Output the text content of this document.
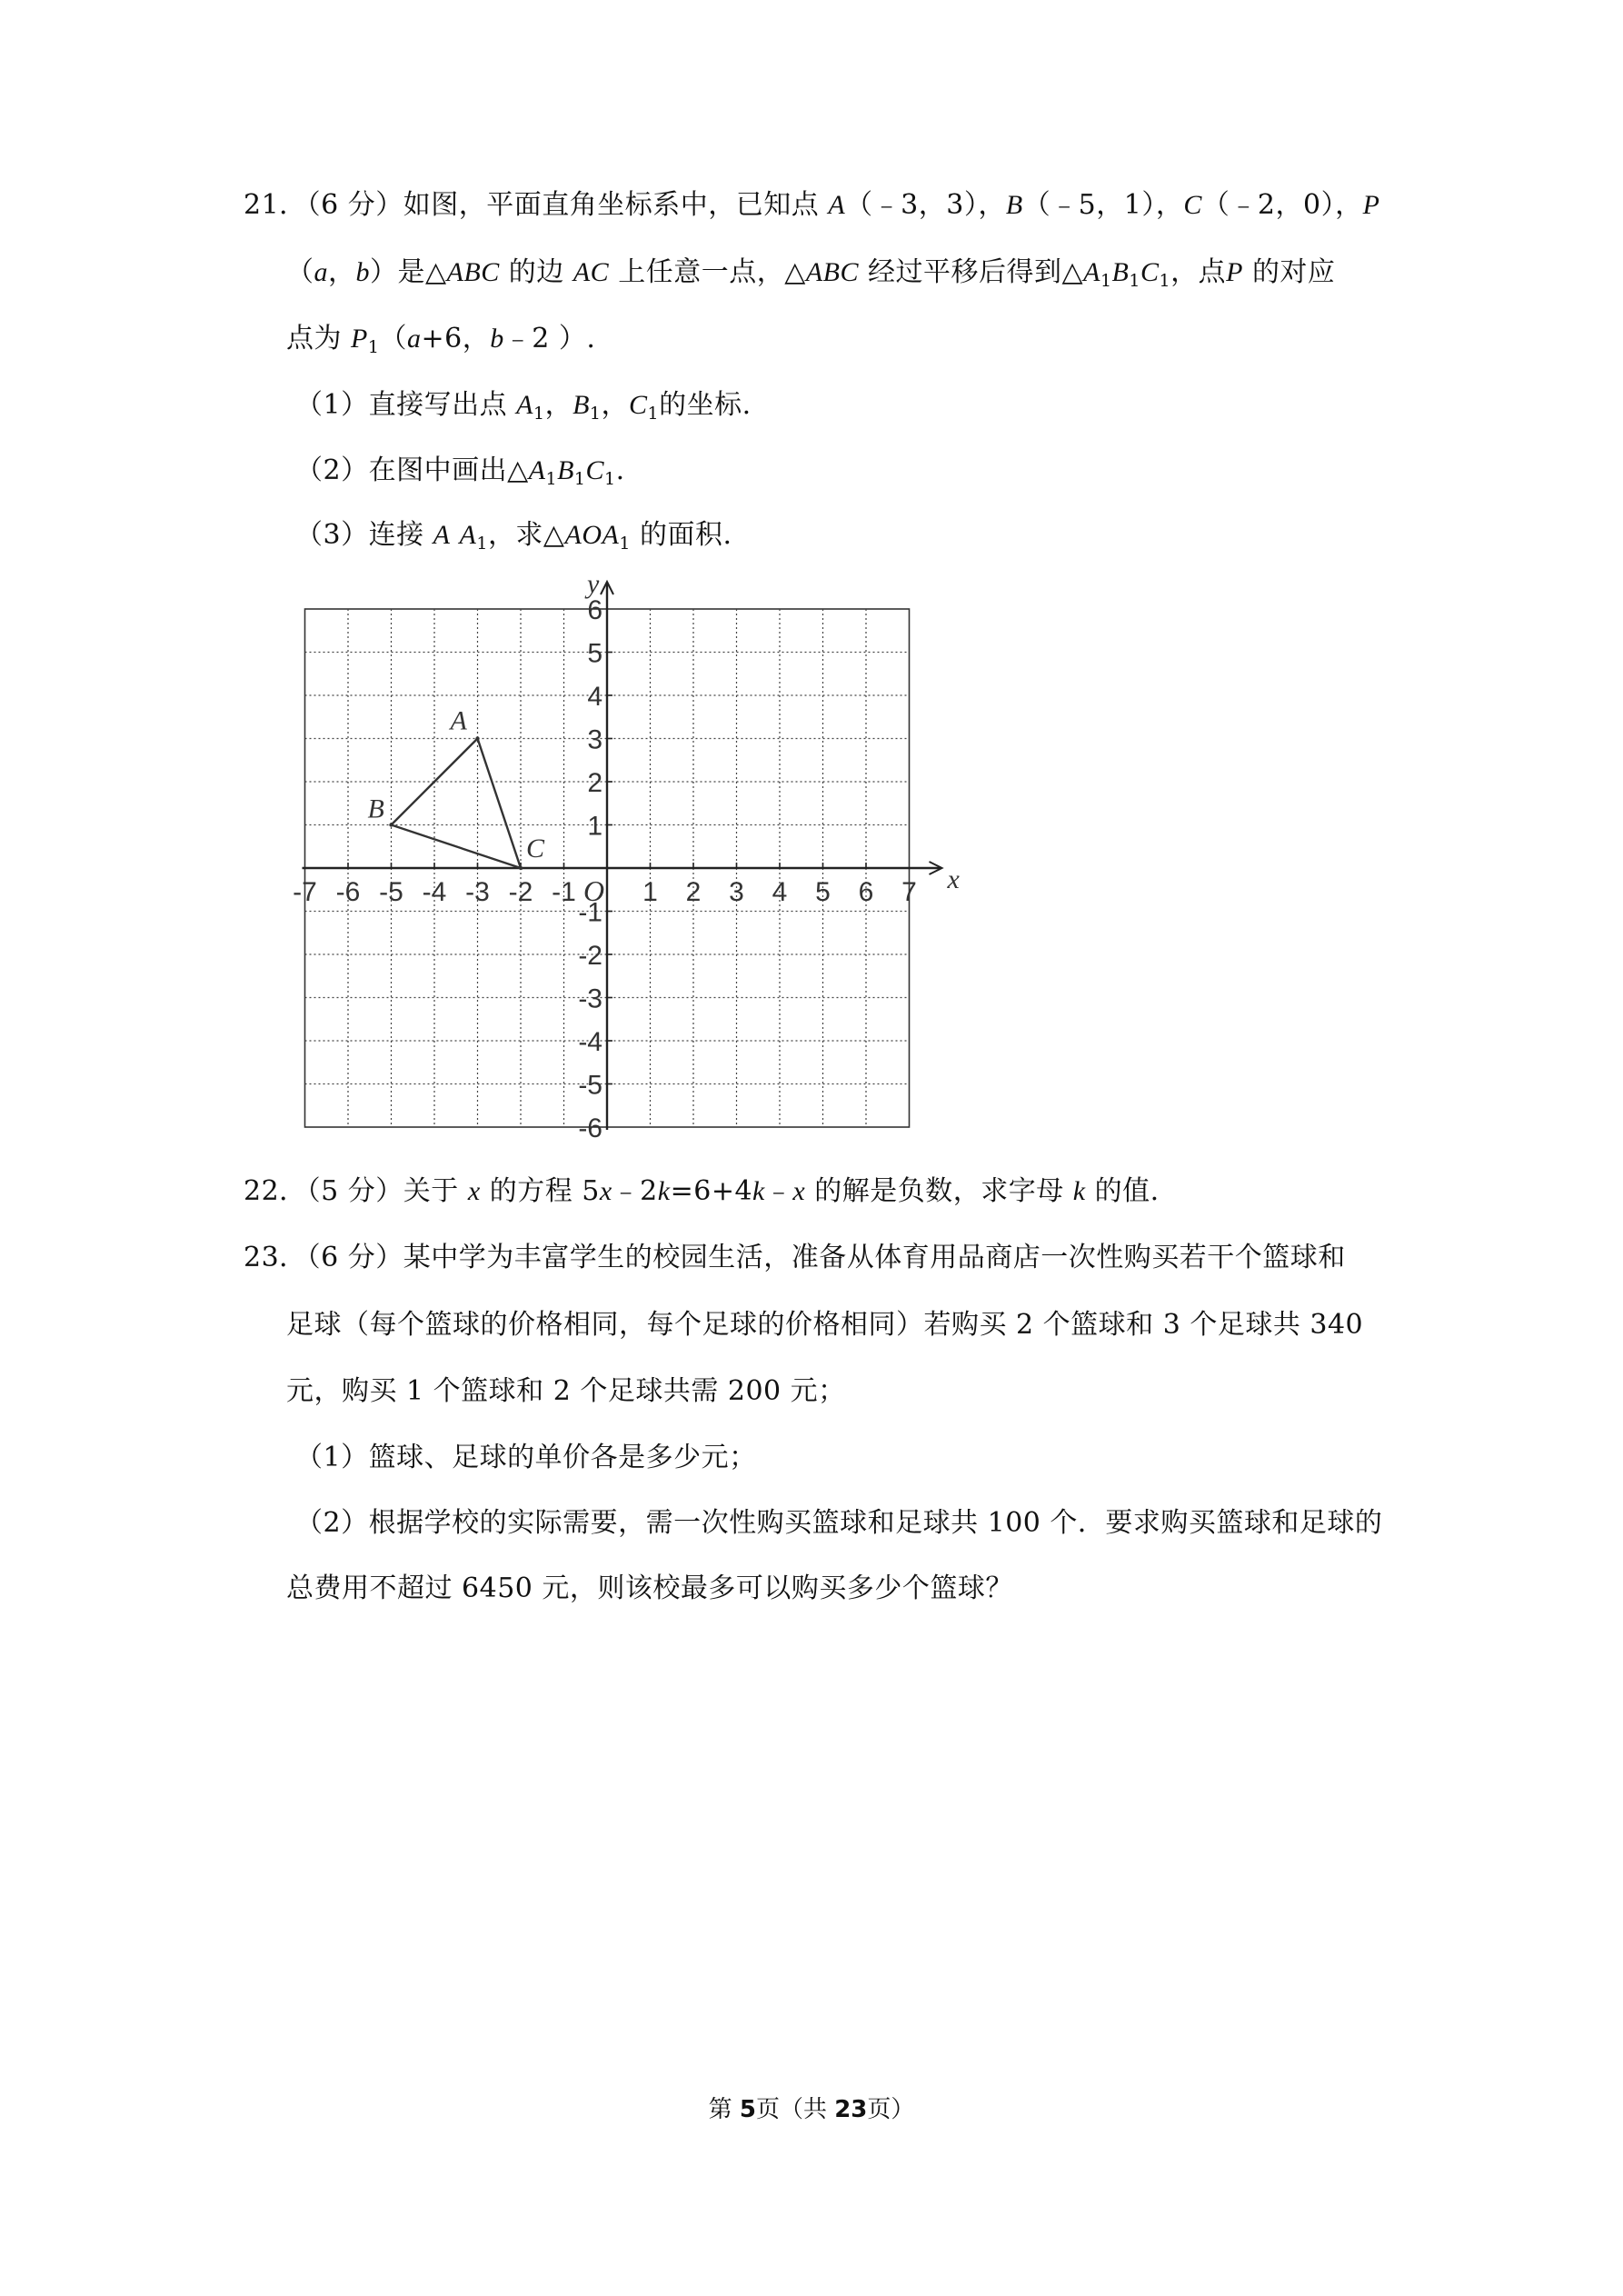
21．（6 分）如图，平面直角坐标系中，已知点 A（﹣3，3），B（﹣5，1），C（﹣2，0），P
（a，b）是△ABC 的边 AC 上任意一点，△ABC 经过平移后得到$\triangle A_1B_1C_1$，点P 的对应
点为 $P_1(a+6$，b﹣2 ）.
（1）直接写出点 $A_1$，$B_1$，$C_1$的坐标.
（2）在图中画出$\triangle A_1B_1C_1$.
（3）连接 A $A_1$，求$\triangle AOA_1$ 的面积.
-7 -6 -5 -4 -3 -2 -1 1 2 3 4 5 6 7
6
5
4
3
2
1
-1
-2
-3
-4
-5
-6
O	x
y
A
B
C
22．（5 分）关于 x 的方程 5x﹣2k=6+4k﹣x 的解是负数，求字母 k 的值.
23．（6 分）某中学为丰富学生的校园生活，准备从体育用品商店一次性购买若干个篮球和
足球（每个篮球的价格相同，每个足球的价格相同）若购买 2 个篮球和 3 个足球共 340
元，购买 1 个篮球和 2 个足球共需 200 元；
（1）篮球、足球的单价各是多少元；
（2）根据学校的实际需要，需一次性购买篮球和足球共 100 个．要求购买篮球和足球的
总费用不超过 6450 元，则该校最多可以购买多少个篮球？
第 5页（共 23页）
